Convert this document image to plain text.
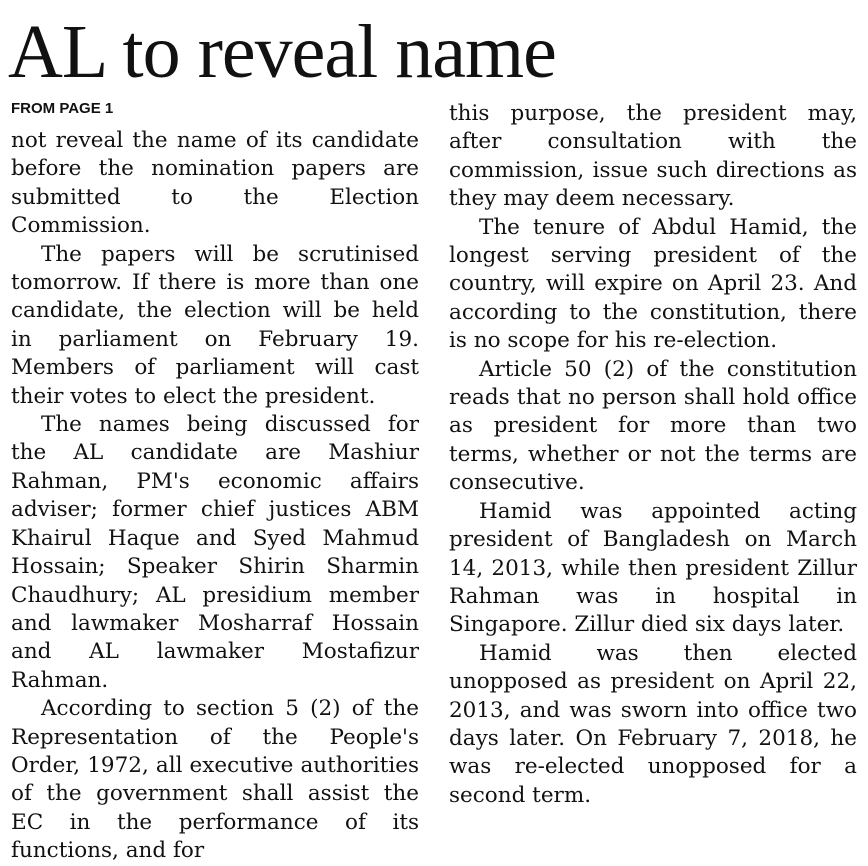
AL to reveal name
FROM PAGE 1

not reveal the name of its candidate before the nomination papers are submitted to the Election Commission.

The papers will be scrutinised tomorrow. If there is more than one candidate, the election will be held in parliament on February 19. Members of parliament will cast their votes to elect the president.

The names being discussed for the AL candidate are Mashiur Rahman, PM's economic affairs adviser; former chief justices ABM Khairul Haque and Syed Mahmud Hossain; Speaker Shirin Sharmin Chaudhury; AL presidium member and lawmaker Mosharraf Hossain and AL lawmaker Mostafizur Rahman.

According to section 5 (2) of the Representation of the People's Order, 1972, all executive authorities of the government shall assist the EC in the performance of its functions, and for

this purpose, the president may, after consultation with the commission, issue such directions as they may deem necessary.

The tenure of Abdul Hamid, the longest serving president of the country, will expire on April 23. And according to the constitution, there is no scope for his re-election.

Article 50 (2) of the constitution reads that no person shall hold office as president for more than two terms, whether or not the terms are consecutive.

Hamid was appointed acting president of Bangladesh on March 14, 2013, while then president Zillur Rahman was in hospital in Singapore. Zillur died six days later.

Hamid was then elected unopposed as president on April 22, 2013, and was sworn into office two days later. On February 7, 2018, he was re-elected unopposed for a second term.
